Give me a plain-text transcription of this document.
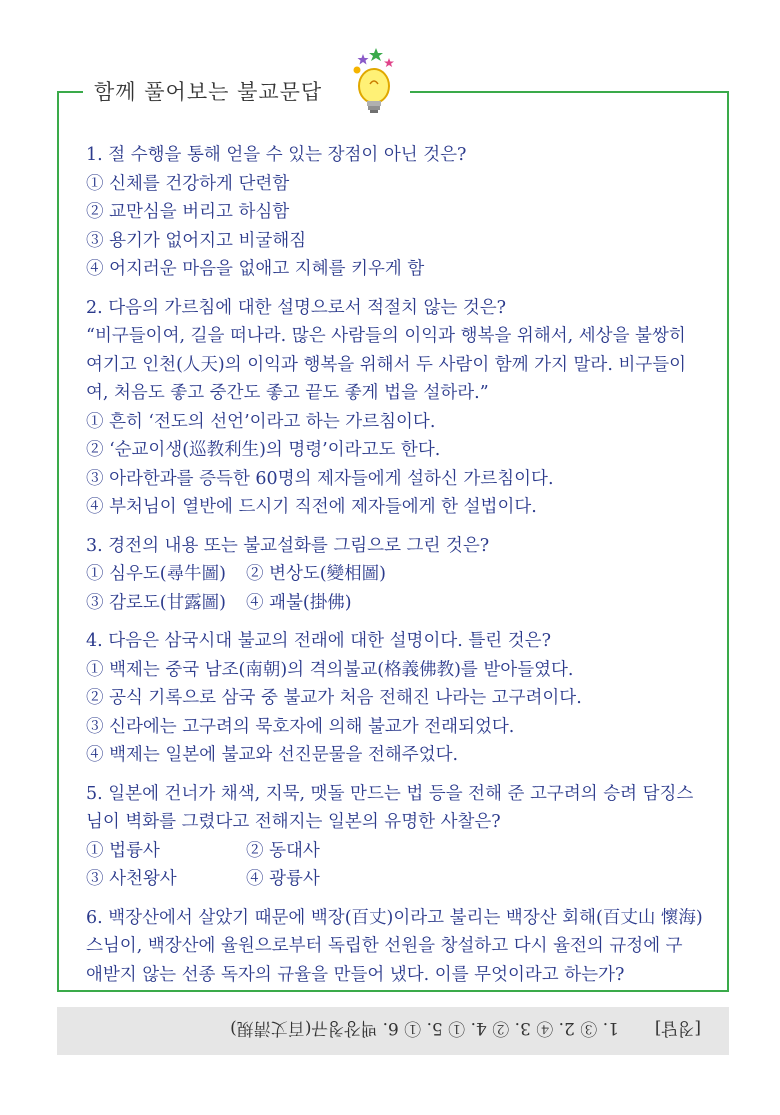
함께 풀어보는 불교문답
1. 절 수행을 통해 얻을 수 있는 장점이 아닌 것은?
① 신체를 건강하게 단련함
② 교만심을 버리고 하심함
③ 용기가 없어지고 비굴해짐
④ 어지러운 마음을 없애고 지혜를 키우게 함
2. 다음의 가르침에 대한 설명으로서 적절치 않는 것은?
“비구들이여, 길을 떠나라. 많은 사람들의 이익과 행복을 위해서, 세상을 불쌍히
여기고 인천(人天)의 이익과 행복을 위해서 두 사람이 함께 가지 말라. 비구들이
여, 처음도 좋고 중간도 좋고 끝도 좋게 법을 설하라.”
① 흔히 ‘전도의 선언’이라고 하는 가르침이다.
② ‘순교이생(巡教利生)의 명령’이라고도 한다.
③ 아라한과를 증득한 60명의 제자들에게 설하신 가르침이다.
④ 부처님이 열반에 드시기 직전에 제자들에게 한 설법이다.
3. 경전의 내용 또는 불교설화를 그림으로 그린 것은?
① 심우도(尋牛圖)	② 변상도(變相圖)
③ 감로도(甘露圖)	④ 괘불(掛佛)
4. 다음은 삼국시대 불교의 전래에 대한 설명이다. 틀린 것은?
① 백제는 중국 남조(南朝)의 격의불교(格義佛教)를 받아들였다.
② 공식 기록으로 삼국 중 불교가 처음 전해진 나라는 고구려이다.
③ 신라에는 고구려의 묵호자에 의해 불교가 전래되었다.
④ 백제는 일본에 불교와 선진문물을 전해주었다.
5. 일본에 건너가 채색, 지묵, 맷돌 만드는 법 등을 전해 준 고구려의 승려 담징스
님이 벽화를 그렸다고 전해지는 일본의 유명한 사찰은?
① 법륭사	② 동대사
③ 사천왕사	④ 광륭사
6. 백장산에서 살았기 때문에 백장(百丈)이라고 불리는 백장산 회해(百丈山 懷海)
스님이, 백장산에 율원으로부터 독립한 선원을 창설하고 다시 율전의 규정에 구
애받지 않는 선종 독자의 규율을 만들어 냈다. 이를 무엇이라고 하는가?
[정답]
1. ③ 2. ④ 3. ② 4. ① 5. ① 6. 백장청규(百丈淸規)
